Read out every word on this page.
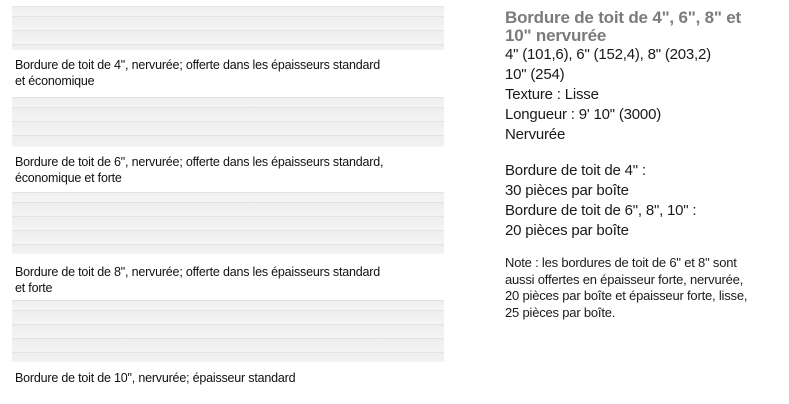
Bordure de toit de 4", nervurée; offerte dans les épaisseurs standard
et économique
Bordure de toit de 6", nervurée; offerte dans les épaisseurs standard,
économique et forte
Bordure de toit de 8", nervurée; offerte dans les épaisseurs standard
et forte
Bordure de toit de 10", nervurée; épaisseur standard
Bordure de toit de 4", 6", 8" et
10" nervurée
4" (101,6), 6" (152,4), 8" (203,2)
10" (254)
Texture : Lisse
Longueur : 9' 10" (3000)
Nervurée
Bordure de toit de 4" :
30 pièces par boîte
Bordure de toit de 6", 8", 10" :
20 pièces par boîte
Note : les bordures de toit de 6" et 8" sont
aussi offertes en épaisseur forte, nervurée,
20 pièces par boîte et épaisseur forte, lisse,
25 pièces par boîte.
